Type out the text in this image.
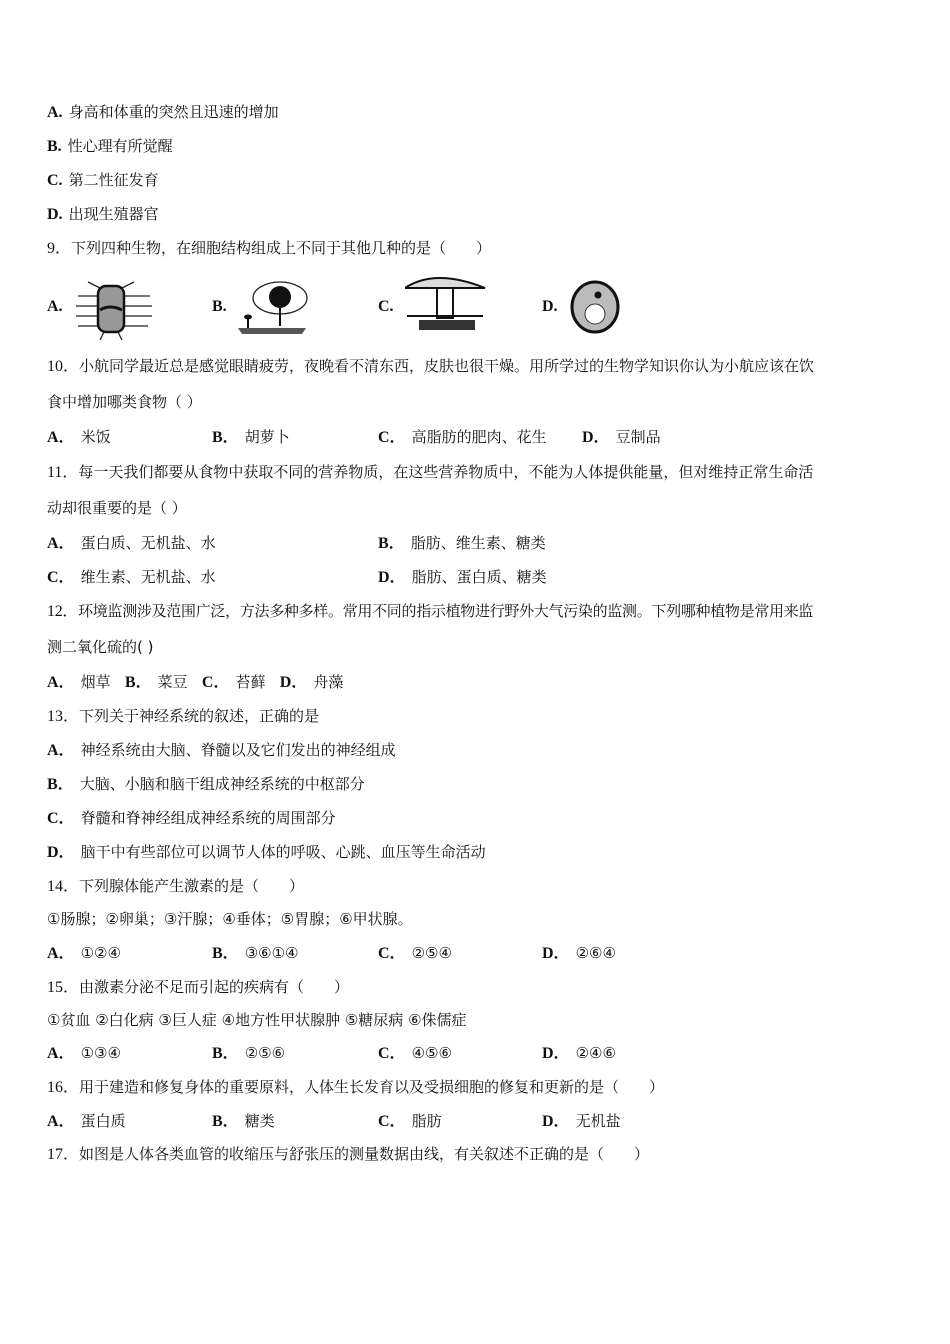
A. 身高和体重的突然且迅速的增加
B. 性心理有所觉醒
C. 第二性征发育
D. 出现生殖器官
9．下列四种生物，在细胞结构组成上不同于其他几种的是（　　）
A.	B.	C.	D.
10．小航同学最近总是感觉眼睛疲劳，夜晚看不清东西，皮肤也很干燥。用所学过的生物学知识你认为小航应该在饮
食中增加哪类食物（ ）
A． 米饭	B． 胡萝卜	C． 高脂肪的肥肉、花生 D． 豆制品
11．每一天我们都要从食物中获取不同的营养物质，在这些营养物质中，不能为人体提供能量，但对维持正常生命活
动却很重要的是（ ）
A． 蛋白质、无机盐、水	B． 脂肪、维生素、糖类
C． 维生素、无机盐、水	D． 脂肪、蛋白质、糖类
12．环境监测涉及范围广泛，方法多种多样。常用不同的指示植物进行野外大气污染的监测。下列哪种植物是常用来监
测二氧化硫的( )
A． 烟草 B． 菜豆 C． 苔藓 D． 舟藻
13．下列关于神经系统的叙述，正确的是
A． 神经系统由大脑、脊髓以及它们发出的神经组成
B． 大脑、小脑和脑干组成神经系统的中枢部分
C． 脊髓和脊神经组成神经系统的周围部分
D． 脑干中有些部位可以调节人体的呼吸、心跳、血压等生命活动
14．下列腺体能产生激素的是（　　）
①肠腺；②卵巢；③汗腺；④垂体；⑤胃腺；⑥甲状腺。
A． ①②④	B． ③⑥①④	C． ②⑤④	D． ②⑥④
15．由激素分泌不足而引起的疾病有（　　）
①贫血 ②白化病 ③巨人症 ④地方性甲状腺肿 ⑤糖尿病 ⑥侏儒症
A． ①③④	B． ②⑤⑥	C． ④⑤⑥	D． ②④⑥
16．用于建造和修复身体的重要原料，人体生长发育以及受损细胞的修复和更新的是（　　）
A． 蛋白质	B． 糖类	C． 脂肪	D． 无机盐
17．如图是人体各类血管的收缩压与舒张压的测量数据由线，有关叙述不正确的是（　　）
